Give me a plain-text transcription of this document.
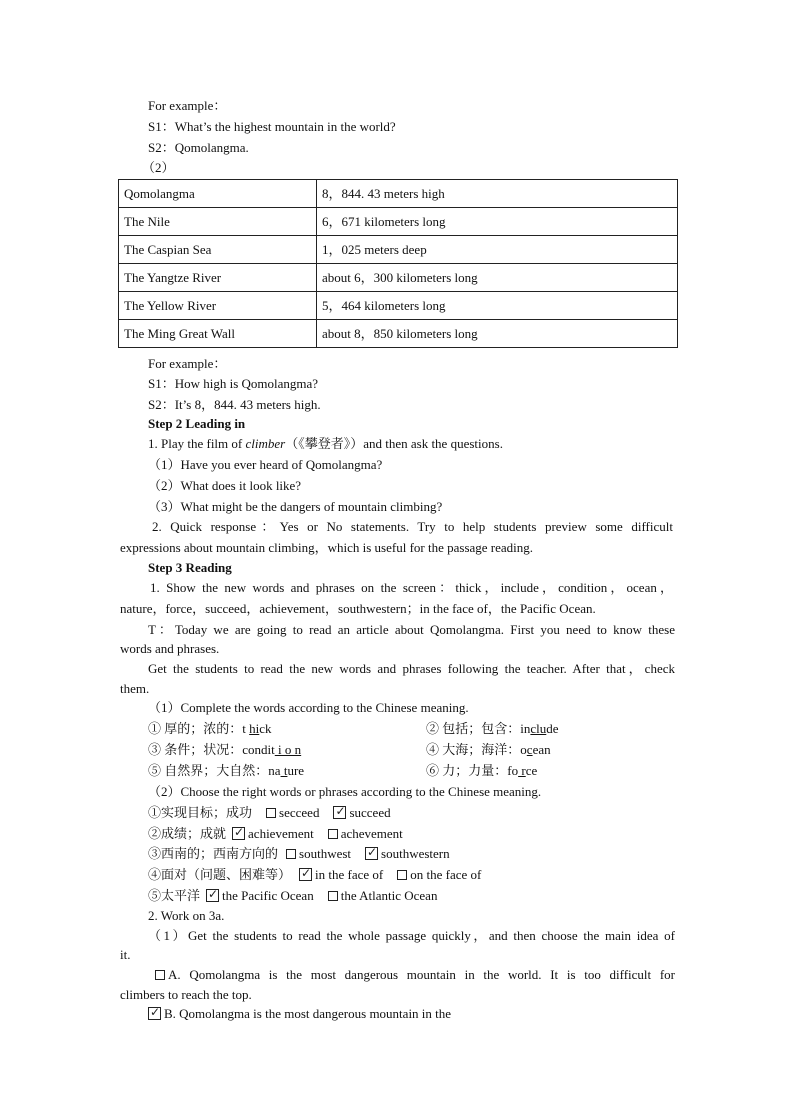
For example：
S1：What’s the highest mountain in the world?
S2：Qomolangma.
（2）
Qomolangma	8，844. 43 meters high
The Nile	6，671 kilometers long
The Caspian Sea	1，025 meters deep
The Yangtze River	about 6，300 kilometers long
The Yellow River	5，464 kilometers long
The Ming Great Wall	about 8，850 kilometers long
For example：
S1：How high is Qomolangma?
S2：It’s 8，844. 43 meters high.
Step 2 Leading in
1. Play the film of climber（《攀登者》）and then ask the questions.
（1）Have you ever heard of Qomolangma?
（2）What does it look like?
（3）What might be the dangers of mountain climbing?
2. Quick response：Yes or No statements. Try to help students preview some difficult
expressions about mountain climbing，which is useful for the passage reading.
Step 3 Reading
1. Show the new words and phrases on the screen：thick，include，condition，ocean，
nature，force，succeed，achievement，southwestern；in the face of，the Pacific Ocean.
T：Today we are going to read an article about Qomolangma. First you need to know these
words and phrases.
Get the students to read the new words and phrases following the teacher. After that，check
them.
（1）Complete the words according to the Chinese meaning.
① 厚的；浓的：t hick	② 包括；包含：include
③ 条件；状况：condit i o n	④ 大海；海洋：ocean
⑤ 自然界；大自然：na ture	⑥ 力；力量：fo rce
（2）Choose the right words or phrases according to the Chinese meaning.
①实现目标；成功 secceed ✓ succeed
②成绩；成就 ✓ achievement achevement
③西南的；西南方向的 southwest ✓ southwestern
④面对（问题、困难等） ✓ in the face of on the face of
⑤太平洋 ✓ the Pacific Ocean the Atlantic Ocean
2. Work on 3a.
（1）Get the students to read the whole passage quickly，and then choose the main idea of
it.
A. Qomolangma is the most dangerous mountain in the world. It is too difficult for
climbers to reach the top.
✓B. Qomolangma is the most dangerous mountain in the
